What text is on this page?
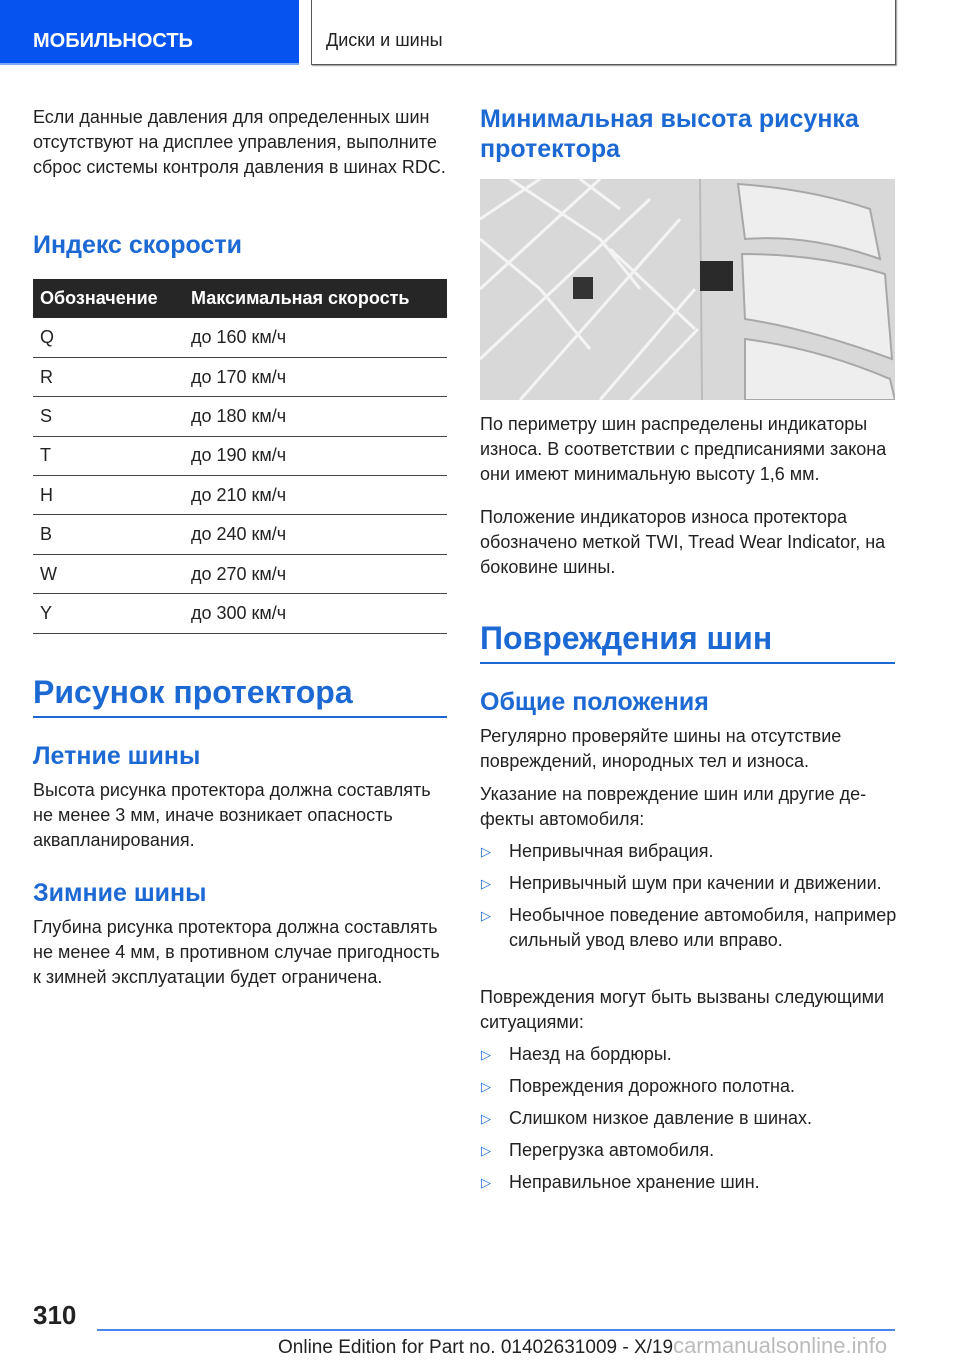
МОБИЛЬНОСТЬ	Диски и шины

Если данные давления для определенных шин отсутствуют на дисплее управления, выполните сброс системы контроля давления в шинах RDC.

Индекс скорости
Обозначение	Максимальная скорость
Q	до 160 км/ч
R	до 170 км/ч
S	до 180 км/ч
T	до 190 км/ч
H	до 210 км/ч
B	до 240 км/ч
W	до 270 км/ч
Y	до 300 км/ч
Рисунок протектора
Летние шины

Высота рисунка протектора должна составлять не менее 3 мм, иначе возникает опасность аквапланирования.

Зимние шины

Глубина рисунка протектора должна составлять не менее 4 мм, в противном случае пригодность к зимней эксплуатации будет ограничена.

Минимальная высота рисунка протектора

По периметру шин распределены индикаторы износа. В соответствии с предписаниями закона они имеют минимальную высоту 1,6 мм.

Положение индикаторов износа протектора обозначено меткой TWI, Tread Wear Indicator, на боковине шины.

Повреждения шин
Общие положения

Регулярно проверяйте шины на отсутствие повреждений, инородных тел и износа.

Указание на повреждение шин или другие дефекты автомобиля:

▷ Непривычная вибрация.
▷ Непривычный шум при качении и движении.
▷ Необычное поведение автомобиля, например сильный увод влево или вправо.

Повреждения могут быть вызваны следующими ситуациями:

▷ Наезд на бордюры.
▷ Повреждения дорожного полотна.
▷ Слишком низкое давление в шинах.
▷ Перегрузка автомобиля.
▷ Неправильное хранение шин.
310
Online Edition for Part no. 01402631009 - X/19carmanualsonline.info
